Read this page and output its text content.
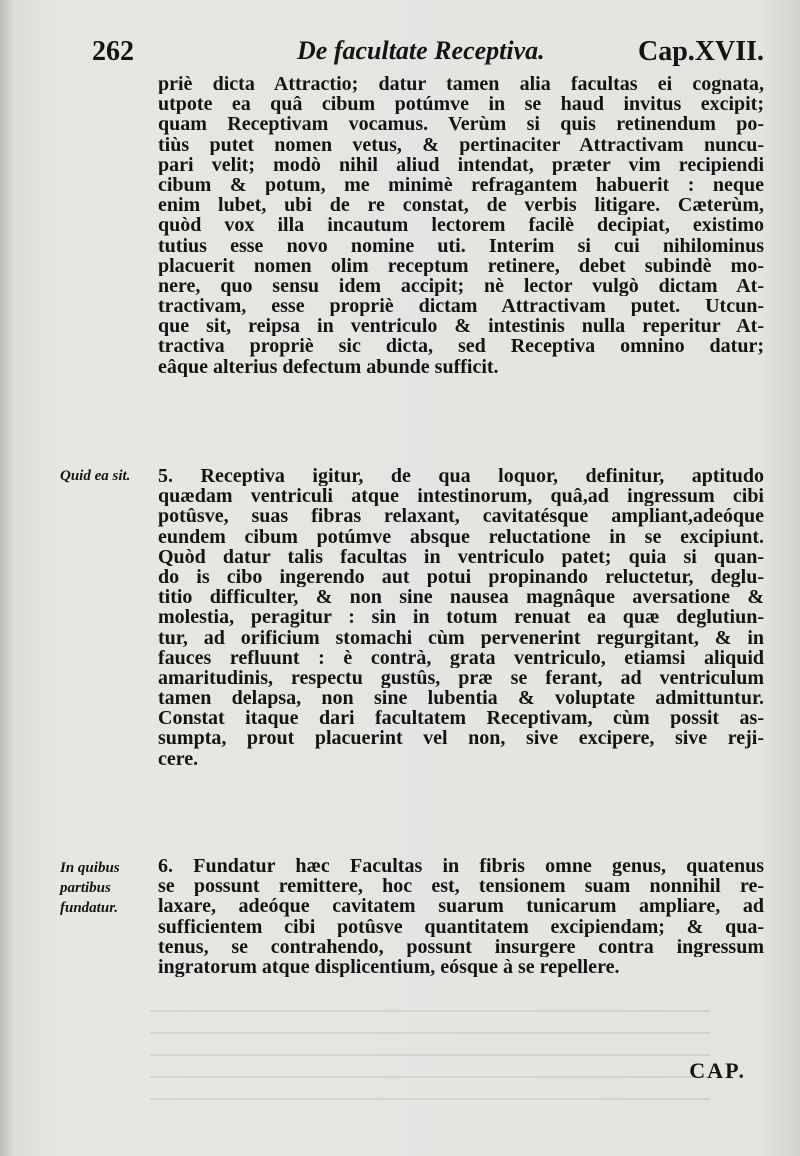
262	De facultate Receptiva.	Cap.XVII.
priè dicta Attractio; datur tamen alia facultas ei cognata,
utpote ea quâ cibum potúmve in se haud invitus excipit;
quam Receptivam vocamus. Verùm si quis retinendum po-
tiùs putet nomen vetus, & pertinaciter Attractivam nuncu-
pari velit; modò nihil aliud intendat, præter vim recipiendi
cibum & potum, me minimè refragantem habuerit : neque
enim lubet, ubi de re constat, de verbis litigare. Cæterùm,
quòd vox illa incautum lectorem facilè decipiat, existimo
tutius esse novo nomine uti. Interim si cui nihilominus
placuerit nomen olim receptum retinere, debet subindè mo-
nere, quo sensu idem accipit; nè lector vulgò dictam At-
tractivam, esse propriè dictam Attractivam putet. Utcun-
que sit, reipsa in ventriculo & intestinis nulla reperitur At-
tractiva propriè sic dicta, sed Receptiva omnino datur;
eâque alterius defectum abunde sufficit.
Quid ea sit.	5. Receptiva igitur, de qua loquor, definitur, aptitudo
quædam ventriculi atque intestinorum, quâ,ad ingressum cibi
potûsve, suas fibras relaxant, cavitatésque ampliant,adeóque
eundem cibum potúmve absque reluctatione in se excipiunt.
Quòd datur talis facultas in ventriculo patet; quia si quan-
do is cibo ingerendo aut potui propinando reluctetur, deglu-
titio difficulter, & non sine nausea magnâque aversatione &
molestia, peragitur : sin in totum renuat ea quæ deglutiun-
tur, ad orificium stomachi cùm pervenerint regurgitant, & in
fauces refluunt : è contrà, grata ventriculo, etiamsi aliquid
amaritudinis, respectu gustûs, præ se ferant, ad ventriculum
tamen delapsa, non sine lubentia & voluptate admittuntur.
Constat itaque dari facultatem Receptivam, cùm possit as-
sumpta, prout placuerint vel non, sive excipere, sive reji-
cere.
In quibus partibus fundatur.
6. Fundatur hæc Facultas in fibris omne genus, quatenus
se possunt remittere, hoc est, tensionem suam nonnihil re-
laxare, adeóque cavitatem suarum tunicarum ampliare, ad
sufficientem cibi potûsve quantitatem excipiendam; & qua-
tenus, se contrahendo, possunt insurgere contra ingressum
ingratorum atque displicentium, eósque à se repellere.
CAP.
